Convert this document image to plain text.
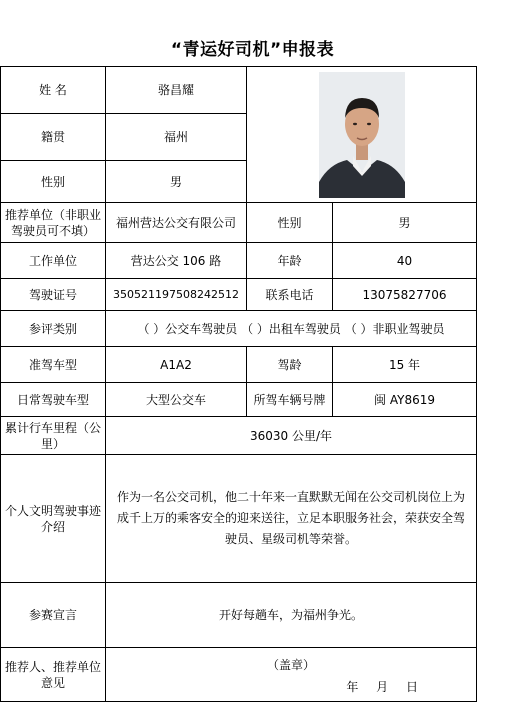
“青运好司机”申报表
姓 名	骆昌耀	

籍贯	福州		
性别	男		
推荐单位（非职业驾驶员可不填）	福州营达公交有限公司	性别	男
工作单位	营达公交 106 路	年龄	40
驾驶证号	350521197508242512	联系电话	13075827706
参评类别	（ ）公交车驾驶员 （ ）出租车驾驶员 （ ）非职业驾驶员		
准驾车型	A1A2	驾龄	15 年
日常驾驶车型	大型公交车	所驾车辆号牌	闽 AY8619
累计行车里程（公里）	36030 公里/年		
个人文明驾驶事迹介绍	作为一名公交司机，他二十年来一直默默无闻在公交司机岗位上为成千上万的乘客安全的迎来送往，立足本职服务社会，荣获安全驾驶员、星级司机等荣誉。		
参赛宣言	开好每趟车，为福州争光。		
推荐人、推荐单位意见	（盖章）
年 月 日		
